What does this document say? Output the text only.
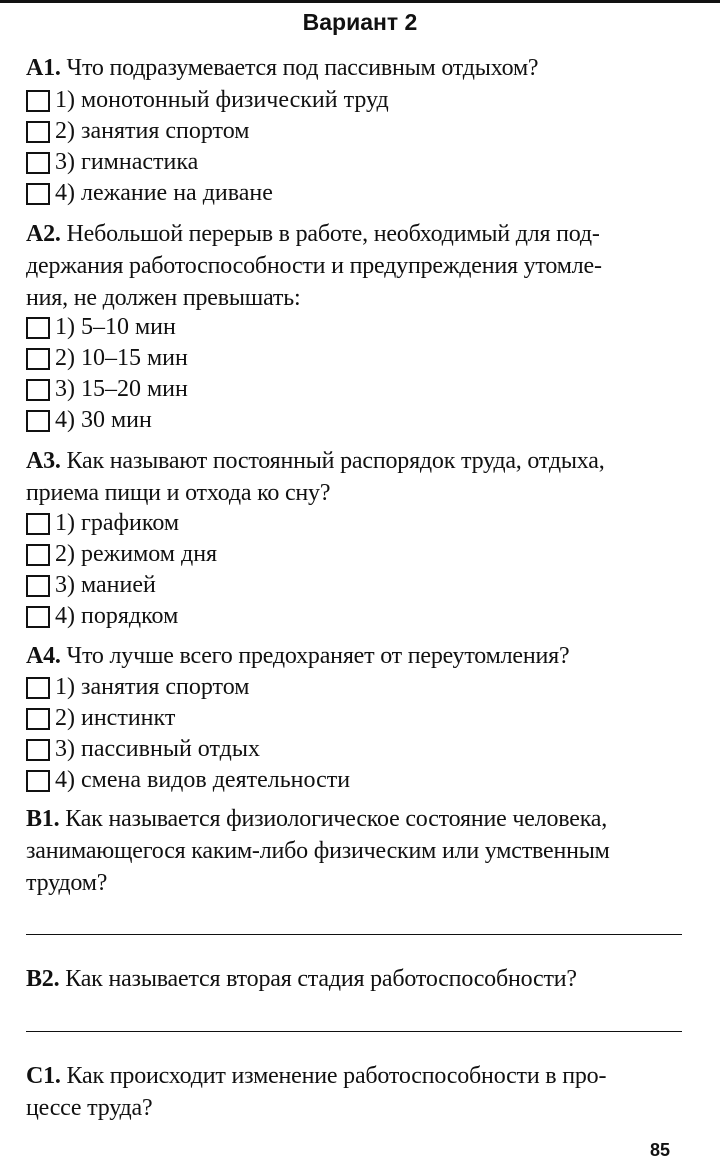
Вариант 2
A1. Что подразумевается под пассивным отдыхом?
1) монотонный физический труд
2) занятия спортом
3) гимнастика
4) лежание на диване
A2. Небольшой перерыв в работе, необходимый для под-
держания работоспособности и предупреждения утомле-
ния, не должен превышать:
1) 5–10 мин
2) 10–15 мин
3) 15–20 мин
4) 30 мин
A3. Как называют постоянный распорядок труда, отдыха,
приема пищи и отхода ко сну?
1) графиком
2) режимом дня
3) манией
4) порядком
A4. Что лучше всего предохраняет от переутомления?
1) занятия спортом
2) инстинкт
3) пассивный отдых
4) смена видов деятельности
B1. Как называется физиологическое состояние человека,
занимающегося каким-либо физическим или умственным
трудом?
B2. Как называется вторая стадия работоспособности?
C1. Как происходит изменение работоспособности в про-
цессе труда?
85
